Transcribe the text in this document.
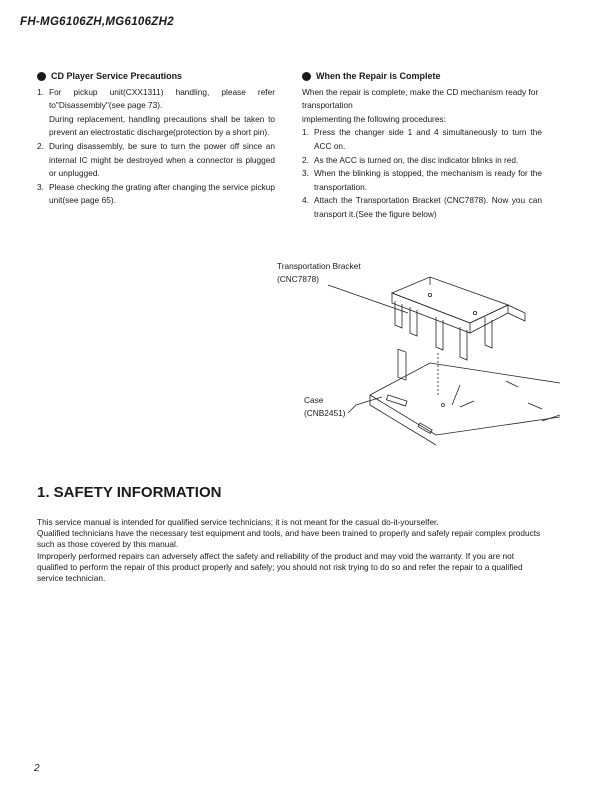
FH-MG6106ZH,MG6106ZH2
CD Player Service Precautions
1. For pickup unit(CXX1311) handling, please refer to"Disassembly"(see page 73).
During replacement, handling precautions shall be taken to prevent an electrostatic discharge(protection by a short pin).
2. During disassembly, be sure to turn the power off since an internal IC might be destroyed when a connector is plugged or unplugged.
3. Please checking the grating after changing the service pickup unit(see page 65).
When the Repair is Complete
When the repair is complete, make the CD mechanism ready for transportation
implementing the following procedures:
1. Press the changer side 1 and 4 simultaneously to turn the ACC on.
2. As the ACC is turned on, the disc indicator blinks in red.
3. When the blinking is stopped, the mechanism is ready for the transportation.
4. Attach the Transportation Bracket (CNC7878). Now you can transport it.(See the figure below)
Transportation Bracket
(CNC7878)
Case
(CNB2451)
1. SAFETY INFORMATION

This service manual is intended for qualified service technicians; it is not meant for the casual do-it-yourselfer.

Qualified technicians have the necessary test equipment and tools, and have been trained to properly and safely repair complex products such as those covered by this manual.

Improperly performed repairs can adversely affect the safety and reliability of the product and may void the warranty. If you are not qualified to perform the repair of this product properly and safely; you should not risk trying to do so and refer the repair to a qualified service technician.

2
